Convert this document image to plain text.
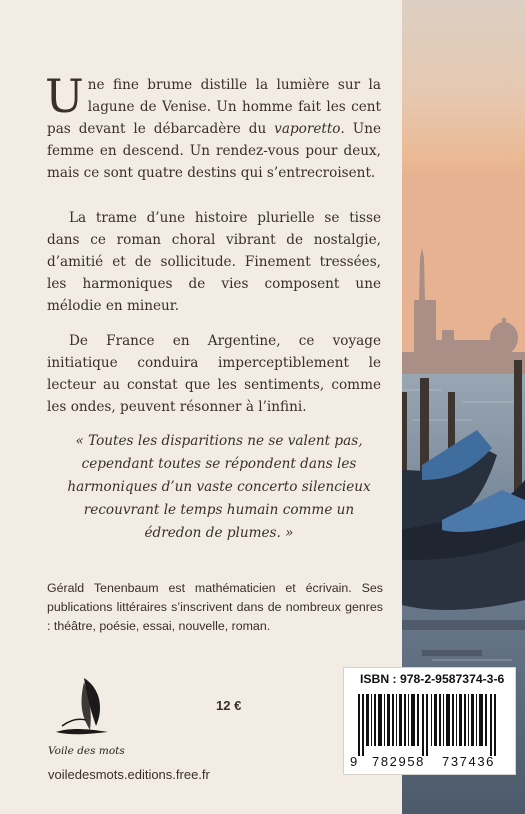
Une fine brume distille la lumière sur la lagune de Venise. Un homme fait les cent pas devant le débarcadère du vaporetto. Une femme en descend. Un rendez-vous pour deux, mais ce sont quatre destins qui s’entrecroisent.

La trame d’une histoire plurielle se tisse dans ce roman choral vibrant de nostalgie, d’amitié et de sollicitude. Finement tressées, les harmoniques de vies composent une mélodie en mineur.

De France en Argentine, ce voyage initiatique conduira imperceptiblement le lecteur au constat que les sentiments, comme les ondes, peuvent résonner à l’infini.

« Toutes les disparitions ne se valent pas, cependant toutes se répondent dans les harmoniques d’un vaste concerto silencieux recouvrant le temps humain comme un édredon de plumes. »

Gérald Tenenbaum est mathématicien et écrivain. Ses publications littéraires s’inscrivent dans de nombreux genres : théâtre, poésie, essai, nouvelle, roman.

Voile des mots
12 €
voiledesmots.editions.free.fr
ISBN : 978-2-9587374-3-6
9 782958 737436
